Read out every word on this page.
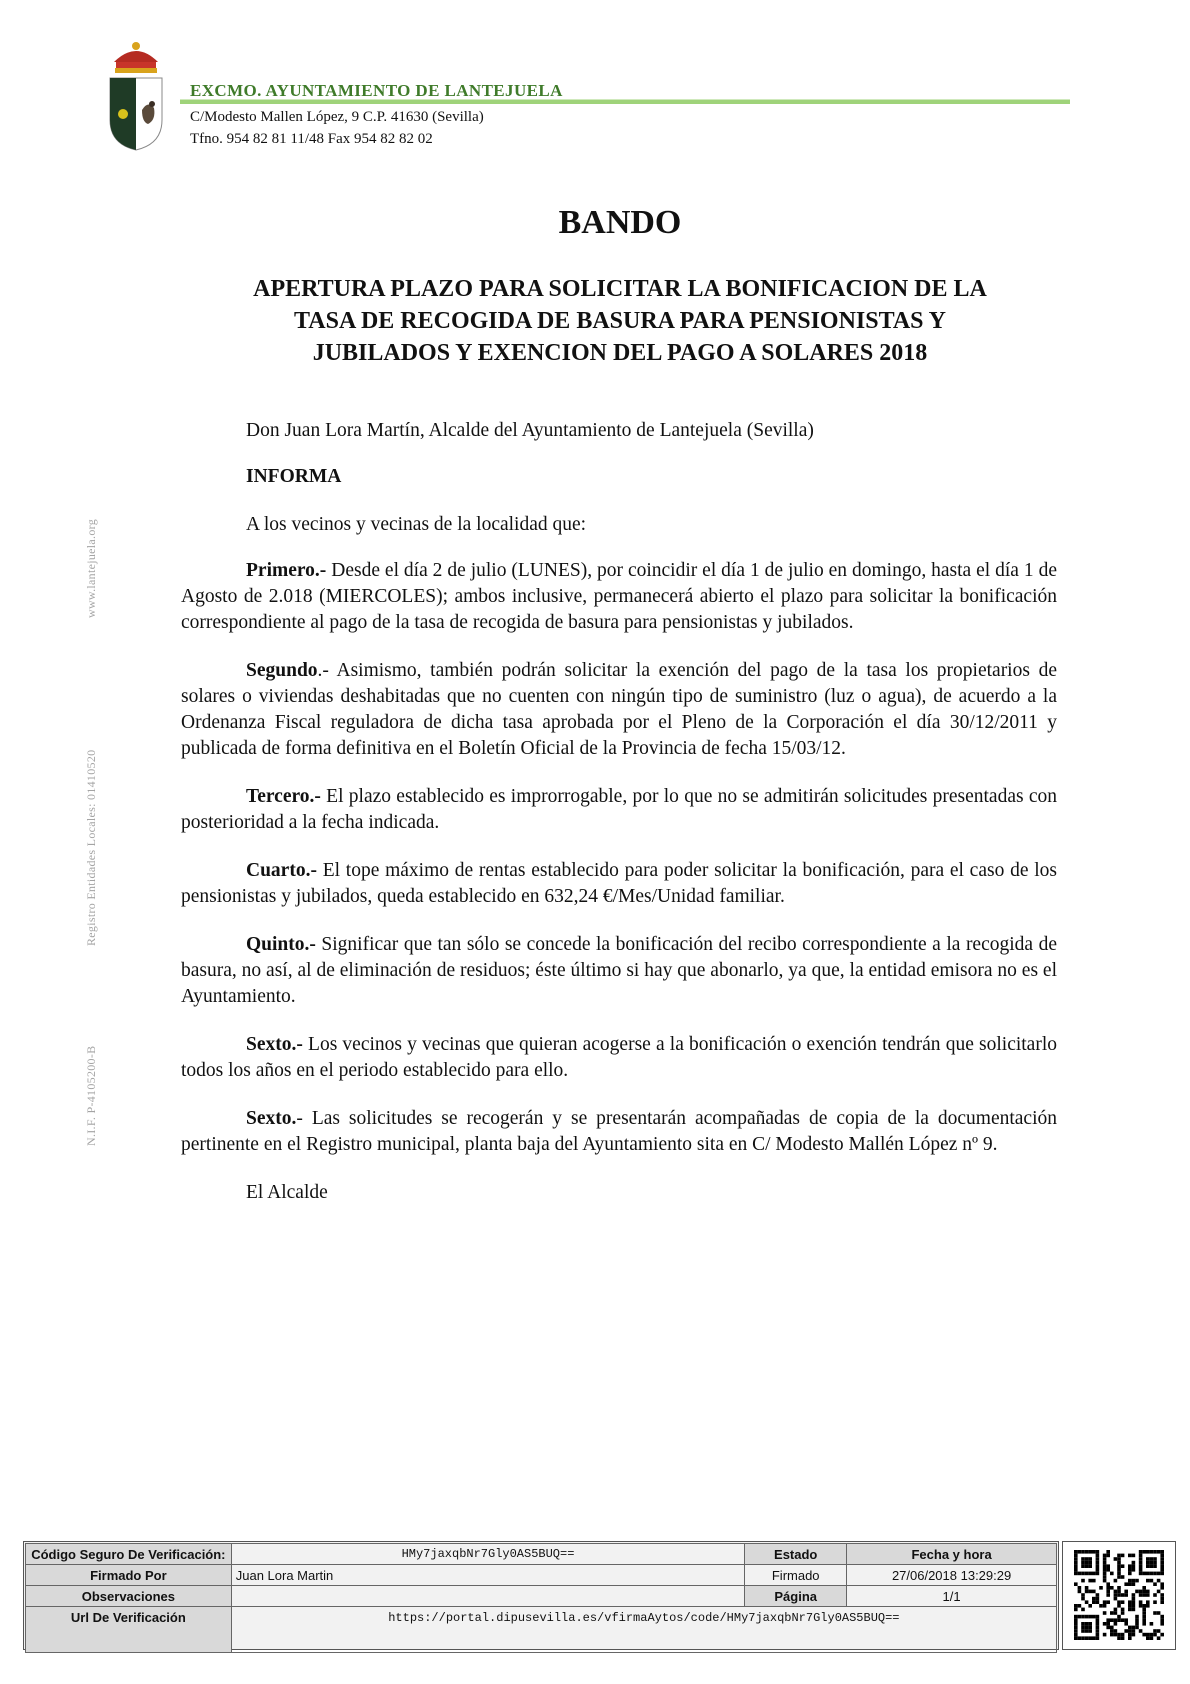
EXCMO. AYUNTAMIENTO DE LANTEJUELA
C/Modesto Mallen López, 9 C.P. 41630 (Sevilla)
Tfno. 954 82 81 11/48 Fax 954 82 82 02
www.lantejuela.org
Registro Entidades Locales: 01410520
N.I.F. P-4105200-B
BANDO
APERTURA PLAZO PARA SOLICITAR LA BONIFICACION DE LA
TASA DE RECOGIDA DE BASURA PARA PENSIONISTAS Y
JUBILADOS Y EXENCION DEL PAGO A SOLARES 2018

Don Juan Lora Martín, Alcalde del Ayuntamiento de Lantejuela (Sevilla)

INFORMA

A los vecinos y vecinas de la localidad que:

Primero.- Desde el día 2 de julio (LUNES), por coincidir el día 1 de julio en domingo, hasta el día 1 de Agosto de 2.018 (MIERCOLES); ambos inclusive, permanecerá abierto el plazo para solicitar la bonificación correspondiente al pago de la tasa de recogida de basura para pensionistas y jubilados.

Segundo.- Asimismo, también podrán solicitar la exención del pago de la tasa los propietarios de solares o viviendas deshabitadas que no cuenten con ningún tipo de suministro (luz o agua), de acuerdo a la Ordenanza Fiscal reguladora de dicha tasa aprobada por el Pleno de la Corporación el día 30/12/2011 y publicada de forma definitiva en el Boletín Oficial de la Provincia de fecha 15/03/12.

Tercero.- El plazo establecido es improrrogable, por lo que no se admitirán solicitudes presentadas con posterioridad a la fecha indicada.

Cuarto.- El tope máximo de rentas establecido para poder solicitar la bonificación, para el caso de los pensionistas y jubilados, queda establecido en 632,24 €/Mes/Unidad familiar.

Quinto.- Significar que tan sólo se concede la bonificación del recibo correspondiente a la recogida de basura, no así, al de eliminación de residuos; éste último si hay que abonarlo, ya que, la entidad emisora no es el Ayuntamiento.

Sexto.- Los vecinos y vecinas que quieran acogerse a la bonificación o exención tendrán que solicitarlo todos los años en el periodo establecido para ello.

Sexto.- Las solicitudes se recogerán y se presentarán acompañadas de copia de la documentación pertinente en el Registro municipal, planta baja del Ayuntamiento sita en C/ Modesto Mallén López nº 9.

El Alcalde

Código Seguro De Verificación:	HMy7jaxqbNr7Gly0AS5BUQ==	Estado	Fecha y hora
Firmado Por	Juan Lora Martin	Firmado	27/06/2018 13:29:29
Observaciones		Página	1/1
Url De Verificación	https://portal.dipusevilla.es/vfirmaAytos/code/HMy7jaxqbNr7Gly0AS5BUQ==		
